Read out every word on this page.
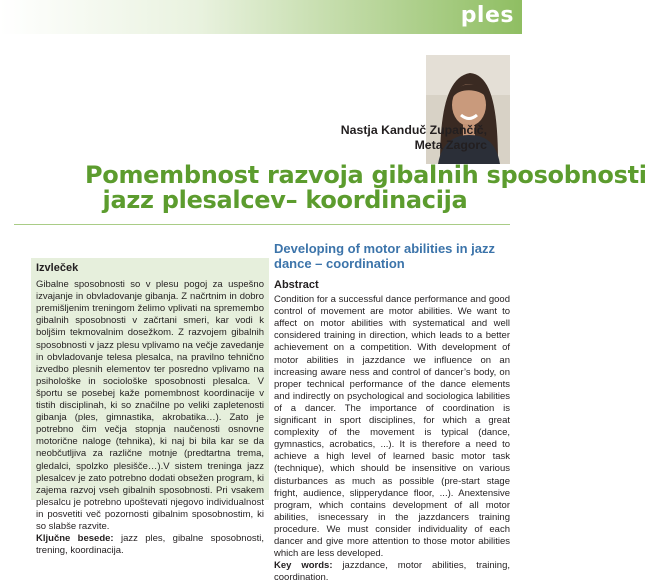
ples
Nastja Kanduč Zupančič,
Meta Zagorc
Pomembnost razvoja gibalnih sposobnosti
jazz plesalcev– koordinacija
Izvleček

Gibalne sposobnosti so v plesu pogoj za uspešno izvajanje in obvladovanje gibanja. Z načrtnim in dobro premišljenim treningom želimo vplivati na spremembo gibalnih sposobnosti v začrtani smeri, kar vodi k boljšim tekmovalnim dosežkom. Z razvojem gibalnih sposobnosti v jazz plesu vplivamo na večje zavedanje in obvladovanje telesa plesalca, na pravilno tehnično izvedbo plesnih elementov ter posredno vplivamo na psihološke in sociološke sposobnosti plesalca. V športu se posebej kaže pomembnost koordinacije v tistih disciplinah, ki so značilne po veliki zapletenosti gibanja (ples, gimnastika, akrobatika…). Zato je potrebno čim večja stopnja naučenosti osnovne motorične naloge (tehnika), ki naj bi bila kar se da neobčutljiva za različne motnje (predtartna trema, gledalci, spolzko plesišče…).V sistem treninga jazz plesalcev je zato potrebno dodati obsežen program, ki zajema razvoj vseh gibalnih sposobnosti. Pri vsakem plesalcu je potrebno upoštevati njegovo individualnost in posvetiti več pozornosti gibalnim sposobnostim, ki so slabše razvite.

Ključne besede: jazz ples, gibalne sposobnosti, trening, koordinacija.

Developing of motor abilities in jazz dance – coordination
Abstract

Condition for a successful dance performance and good control of movement are motor abilities. We want to affect on motor abilities with systematical and well considered training in direction, which leads to a better achievement on a competition. With development of motor abilities in jazzdance we influence on an increasing aware ness and control of dancer’s body, on proper technical performance of the dance elements and indirectly on psychological and sociologica labilities of a dancer. The importance of coordination is significant in sport disciplines, for which a great complexity of the movement is typical (dance, gymnastics, acrobatics, ...). It is therefore a need to achieve a high level of learned basic motor task (technique), which should be insensitive on various disturbances as much as possible (pre-start stage fright, audience, slipperydance floor, ...). Anextensive program, which contains development of all motor abilities, isnecessary in the jazzdancers training procedure. We must consider individuality of each dancer and give more attention to those motor abilities which are less developed.

Key words: jazzdance, motor abilities, training, coordination.
